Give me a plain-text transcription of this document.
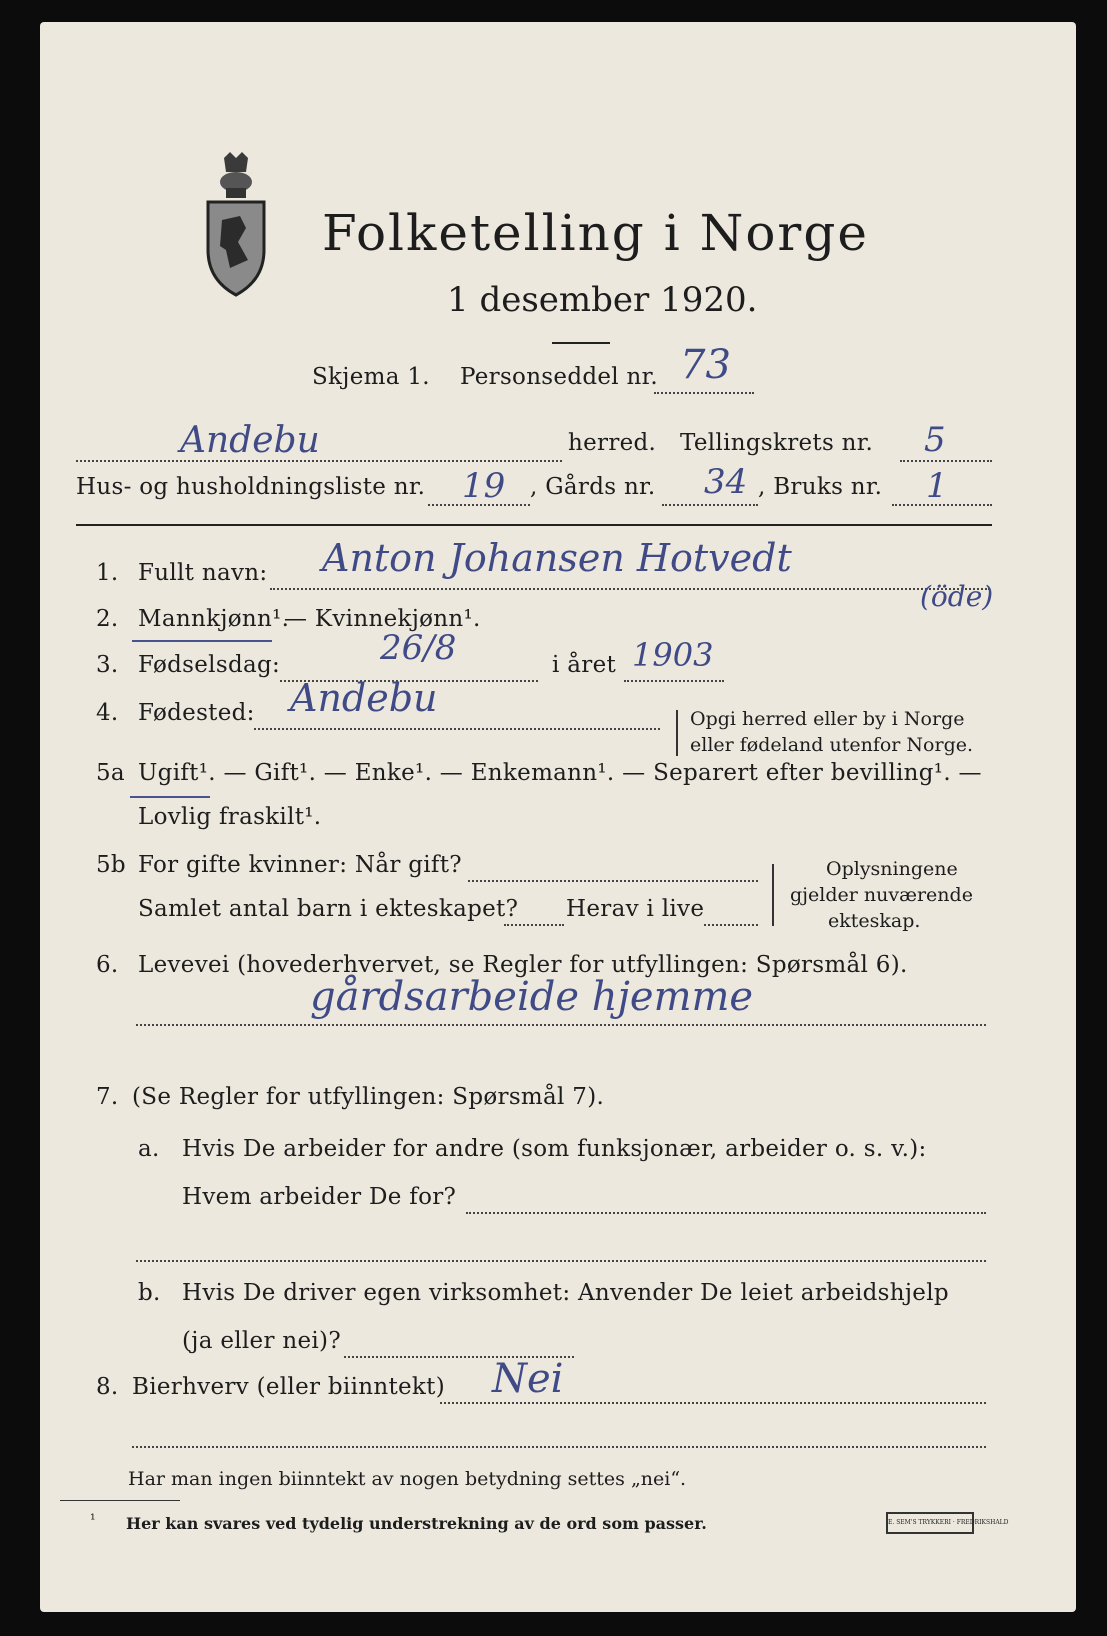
Folketelling i Norge
1 desember 1920.
Skjema 1. Personseddel nr. 73
Andebu	herred. Tellingskrets nr. 5
Hus- og husholdningsliste nr. 19 , Gårds nr. 34 , Bruks nr. 1
1. Fullt navn: Anton Johansen Hotvedt
(öde)
2. Mannkjønn¹.
— Kvinnekjønn¹.
3. Fødselsdag:	26/8	i året 1903
4. Fødested: Andebu	Opgi herred eller by i Norge
eller fødeland utenfor Norge.
5a Ugift¹. — Gift¹. — Enke¹. — Enkemann¹. — Separert efter bevilling¹. —
Lovlig fraskilt¹.
5b For gifte kvinner: Når gift?
Samlet antal barn i ekteskapet? Herav i live
Oplysningene
gjelder nuværende
ekteskap.
6. Levevei (hovederhvervet, se Regler for utfyllingen: Spørsmål 6).
gårdsarbeide hjemme
7. (Se Regler for utfyllingen: Spørsmål 7).
a. Hvis De arbeider for andre (som funksjonær, arbeider o. s. v.):
Hvem arbeider De for?
b. Hvis De driver egen virksomhet: Anvender De leiet arbeidshjelp
(ja eller nei)?
8. Bierhverv (eller biinntekt) Nei
Har man ingen biinntekt av nogen betydning settes „nei“.
¹ Her kan svares ved tydelig understrekning av de ord som passer.	E. SEM'S TRYKKERI · FREDRIKSHALD
